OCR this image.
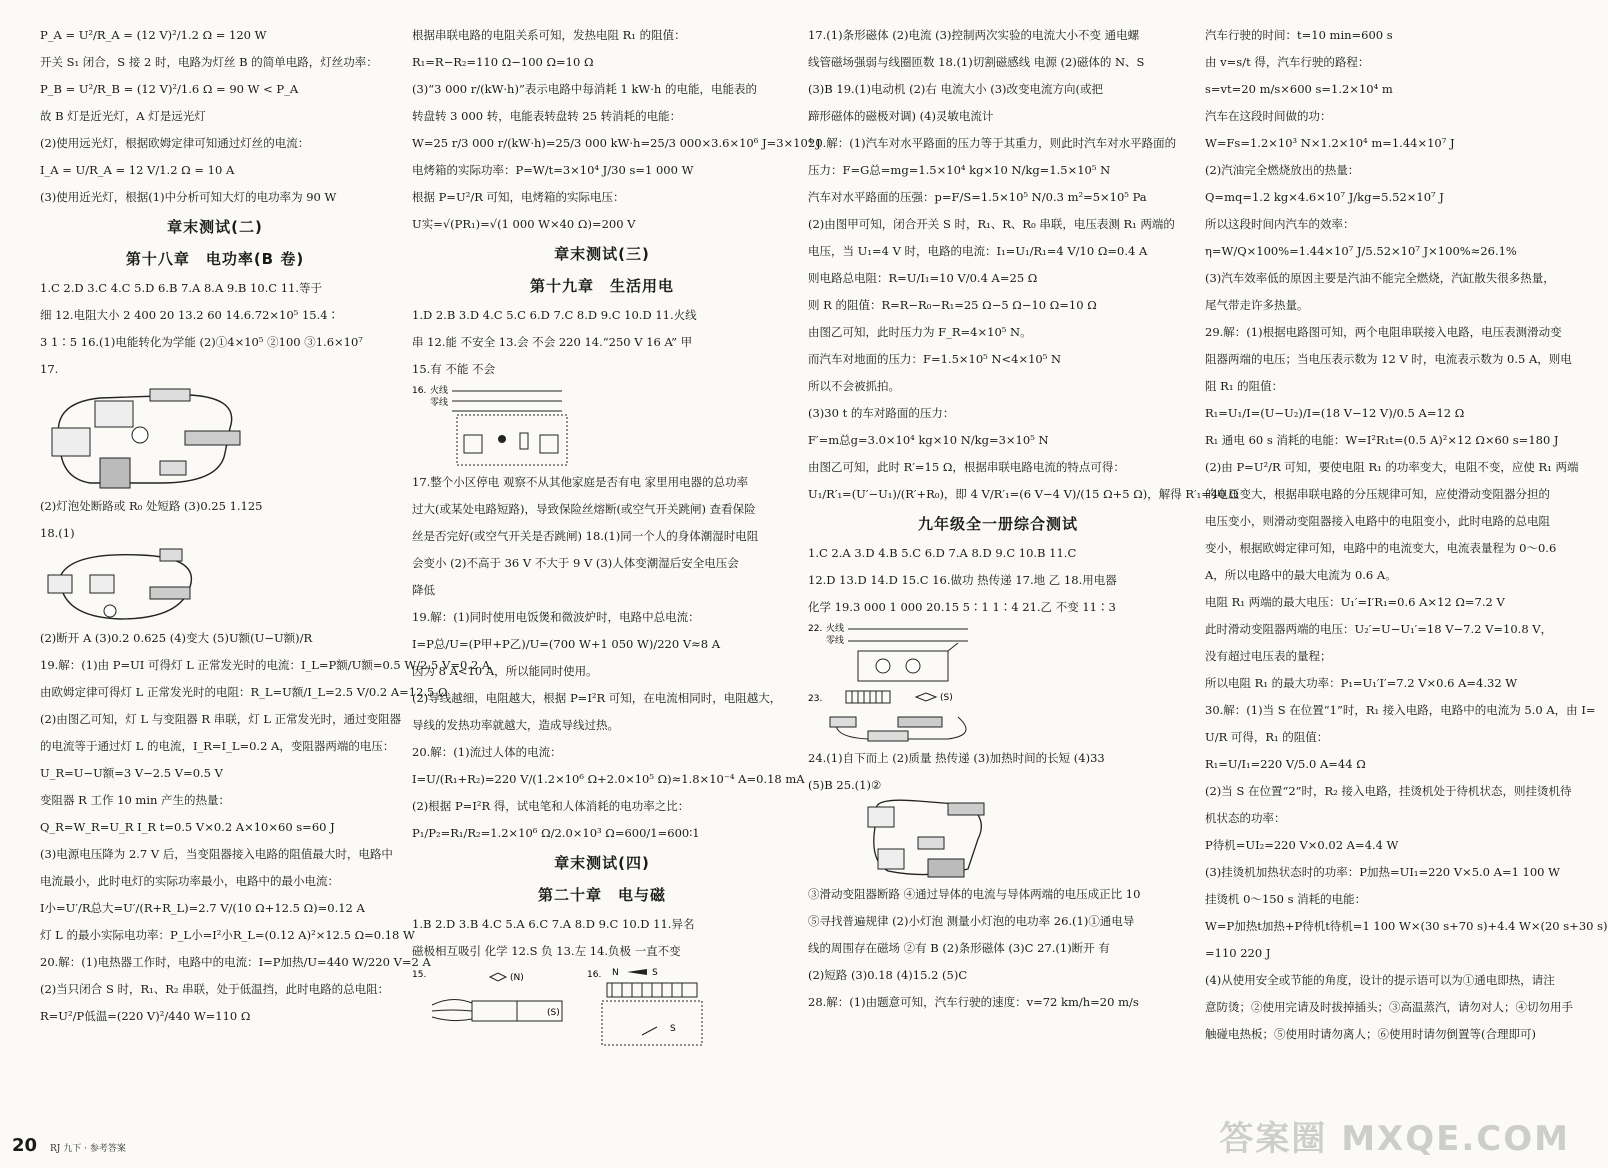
P_A = U²/R_A = (12 V)²/1.2 Ω = 120 W

开关 S₁ 闭合，S 接 2 时，电路为灯丝 B 的简单电路，灯丝功率：

P_B = U²/R_B = (12 V)²/1.6 Ω = 90 W < P_A

故 B 灯是近光灯，A 灯是远光灯

(2)使用远光灯，根据欧姆定律可知通过灯丝的电流：

I_A = U/R_A = 12 V/1.2 Ω = 10 A

(3)使用近光灯，根据(1)中分析可知大灯的电功率为 90 W

章末测试(二)

第十八章　电功率(B 卷)

1.C 2.D 3.C 4.C 5.D 6.B 7.A 8.A 9.B 10.C 11.等于

细 12.电阻大小 2 400 20 13.2 60 14.6.72×10⁵ 15.4∶

3 1∶5 16.(1)电能转化为学能 (2)①4×10⁵ ②100 ③1.6×10⁷

17.

(2)灯泡处断路或 R₀ 处短路 (3)0.25 1.125

18.(1)

(2)断开 A (3)0.2 0.625 (4)变大 (5)U额(U−U额)/R

19.解：(1)由 P=UI 可得灯 L 正常发光时的电流：I_L=P额/U额=0.5 W/2.5 V=0.2 A

由欧姆定律可得灯 L 正常发光时的电阻：R_L=U额/I_L=2.5 V/0.2 A=12.5 Ω

(2)由图乙可知，灯 L 与变阻器 R 串联，灯 L 正常发光时，通过变阻器

的电流等于通过灯 L 的电流，I_R=I_L=0.2 A，变阻器两端的电压：

U_R=U−U额=3 V−2.5 V=0.5 V

变阻器 R 工作 10 min 产生的热量：

Q_R=W_R=U_R I_R t=0.5 V×0.2 A×10×60 s=60 J

(3)电源电压降为 2.7 V 后，当变阻器接入电路的阻值最大时，电路中

电流最小，此时电灯的实际功率最小，电路中的最小电流：

I小=U′/R总大=U′/(R+R_L)=2.7 V/(10 Ω+12.5 Ω)=0.12 A

灯 L 的最小实际电功率：P_L小=I²小R_L=(0.12 A)²×12.5 Ω=0.18 W

20.解：(1)电热器工作时，电路中的电流：I=P加热/U=440 W/220 V=2 A

(2)当只闭合 S 时，R₁、R₂ 串联，处于低温挡，此时电路的总电阻：

R=U²/P低温=(220 V)²/440 W=110 Ω

根据串联电路的电阻关系可知，发热电阻 R₁ 的阻值：

R₁=R−R₂=110 Ω−100 Ω=10 Ω

(3)“3 000 r/(kW·h)”表示电路中每消耗 1 kW·h 的电能，电能表的

转盘转 3 000 转，电能表转盘转 25 转消耗的电能：

W=25 r/3 000 r/(kW·h)=25/3 000 kW·h=25/3 000×3.6×10⁶ J=3×10⁴ J

电烤箱的实际功率：P=W/t=3×10⁴ J/30 s=1 000 W

根据 P=U²/R 可知，电烤箱的实际电压：

U实=√(PR₁)=√(1 000 W×40 Ω)=200 V

章末测试(三)

第十九章　生活用电

1.D 2.B 3.D 4.C 5.C 6.D 7.C 8.D 9.C 10.D 11.火线

串 12.能 不安全 13.会 不会 220 14.“250 V 16 A” 甲

15.有 不能 不会

16. 火线
零线

17.整个小区停电 观察不从其他家庭是否有电 家里用电器的总功率

过大(或某处电路短路)，导致保险丝熔断(或空气开关跳闸) 查看保险

丝是否完好(或空气开关是否跳闸) 18.(1)同一个人的身体潮湿时电阻

会变小 (2)不高于 36 V 不大于 9 V (3)人体变潮湿后安全电压会

降低

19.解：(1)同时使用电饭煲和微波炉时，电路中总电流：

I=P总/U=(P甲+P乙)/U=(700 W+1 050 W)/220 V≈8 A

因为 8 A<10 A，所以能同时使用。

(2)导线越细，电阻越大，根据 P=I²R 可知，在电流相同时，电阻越大，

导线的发热功率就越大，造成导线过热。

20.解：(1)流过人体的电流：

I=U/(R₁+R₂)=220 V/(1.2×10⁶ Ω+2.0×10⁵ Ω)≈1.8×10⁻⁴ A=0.18 mA

(2)根据 P=I²R 得，试电笔和人体消耗的电功率之比：

P₁/P₂=R₁/R₂=1.2×10⁶ Ω/2.0×10³ Ω=600/1=600∶1

章末测试(四)

第二十章　电与磁

1.B 2.D 3.B 4.C 5.A 6.C 7.A 8.D 9.C 10.D 11.异名

磁极相互吸引 化学 12.S 负 13.左 14.负极 一直不变

15.	(N)
(S)
16. N	S
S

17.(1)条形磁体 (2)电流 (3)控制两次实验的电流大小不变 通电螺

线管磁场强弱与线圈匝数 18.(1)切割磁感线 电源 (2)磁体的 N、S

(3)B 19.(1)电动机 (2)右 电流大小 (3)改变电流方向(或把

蹄形磁体的磁极对调) (4)灵敏电流计

20.解：(1)汽车对水平路面的压力等于其重力，则此时汽车对水平路面的

压力：F=G总=mg=1.5×10⁴ kg×10 N/kg=1.5×10⁵ N

汽车对水平路面的压强：p=F/S=1.5×10⁵ N/0.3 m²=5×10⁵ Pa

(2)由图甲可知，闭合开关 S 时，R₁、R、R₀ 串联，电压表测 R₁ 两端的

电压，当 U₁=4 V 时，电路的电流：I₁=U₁/R₁=4 V/10 Ω=0.4 A

则电路总电阻：R=U/I₁=10 V/0.4 A=25 Ω

则 R 的阻值：R=R−R₀−R₁=25 Ω−5 Ω−10 Ω=10 Ω

由图乙可知，此时压力为 F_R=4×10⁵ N。

而汽车对地面的压力：F=1.5×10⁵ N<4×10⁵ N

所以不会被抓拍。

(3)30 t 的车对路面的压力：

F′=m总g=3.0×10⁴ kg×10 N/kg=3×10⁵ N

由图乙可知，此时 R′=15 Ω，根据串联电路电流的特点可得：

U₁/R′₁=(U′−U₁)/(R′+R₀)，即 4 V/R′₁=(6 V−4 V)/(15 Ω+5 Ω)，解得 R′₁=40 Ω

九年级全一册综合测试

1.C 2.A 3.D 4.B 5.C 6.D 7.A 8.D 9.C 10.B 11.C

12.D 13.D 14.D 15.C 16.做功 热传递 17.地 乙 18.用电器

化学 19.3 000 1 000 20.15 5∶1 1∶4 21.乙 不变 11∶3

22. 火线
零线
23.	(S)

24.(1)自下而上 (2)质量 热传递 (3)加热时间的长短 (4)33

(5)B 25.(1)②

③滑动变阻器断路 ④通过导体的电流与导体两端的电压成正比 10

⑤寻找普遍规律 (2)小灯泡 测量小灯泡的电功率 26.(1)①通电导

线的周围存在磁场 ②有 B (2)条形磁体 (3)C 27.(1)断开 有

(2)短路 (3)0.18 (4)15.2 (5)C

28.解：(1)由题意可知，汽车行驶的速度：v=72 km/h=20 m/s

汽车行驶的时间：t=10 min=600 s

由 v=s/t 得，汽车行驶的路程：

s=vt=20 m/s×600 s=1.2×10⁴ m

汽车在这段时间做的功：

W=Fs=1.2×10³ N×1.2×10⁴ m=1.44×10⁷ J

(2)汽油完全燃烧放出的热量：

Q=mq=1.2 kg×4.6×10⁷ J/kg=5.52×10⁷ J

所以这段时间内汽车的效率：

η=W/Q×100%=1.44×10⁷ J/5.52×10⁷ J×100%≈26.1%

(3)汽车效率低的原因主要是汽油不能完全燃烧，汽缸散失很多热量，

尾气带走许多热量。

29.解：(1)根据电路图可知，两个电阻串联接入电路，电压表测滑动变

阻器两端的电压；当电压表示数为 12 V 时，电流表示数为 0.5 A，则电

阻 R₁ 的阻值：

R₁=U₁/I=(U−U₂)/I=(18 V−12 V)/0.5 A=12 Ω

R₁ 通电 60 s 消耗的电能：W=I²R₁t=(0.5 A)²×12 Ω×60 s=180 J

(2)由 P=U²/R 可知，要使电阻 R₁ 的功率变大，电阻不变，应使 R₁ 两端

的电压变大，根据串联电路的分压规律可知，应使滑动变阻器分担的

电压变小，则滑动变阻器接入电路中的电阻变小，此时电路的总电阻

变小，根据欧姆定律可知，电路中的电流变大，电流表量程为 0～0.6

A，所以电路中的最大电流为 0.6 A。

电阻 R₁ 两端的最大电压：U₁′=I′R₁=0.6 A×12 Ω=7.2 V

此时滑动变阻器两端的电压：U₂′=U−U₁′=18 V−7.2 V=10.8 V，

没有超过电压表的量程；

所以电阻 R₁ 的最大功率：P₁=U₁′I′=7.2 V×0.6 A=4.32 W

30.解：(1)当 S 在位置“1”时，R₁ 接入电路，电路中的电流为 5.0 A，由 I=

U/R 可得，R₁ 的阻值：

R₁=U/I₁=220 V/5.0 A=44 Ω

(2)当 S 在位置“2”时，R₂ 接入电路，挂烫机处于待机状态，则挂烫机待

机状态的功率：

P待机=UI₂=220 V×0.02 A=4.4 W

(3)挂烫机加热状态时的功率：P加热=UI₁=220 V×5.0 A=1 100 W

挂烫机 0～150 s 消耗的电能：

W=P加热t加热+P待机t待机=1 100 W×(30 s+70 s)+4.4 W×(20 s+30 s)

=110 220 J

(4)从使用安全或节能的角度，设计的提示语可以为①通电即热，请注

意防烫；②使用完请及时拔掉插头；③高温蒸汽，请勿对人；④切勿用手

触碰电热板；⑤使用时请勿离人；⑥使用时请勿倒置等(合理即可)

20 RJ 九下 · 参考答案	答案圈 MXQE.COM
